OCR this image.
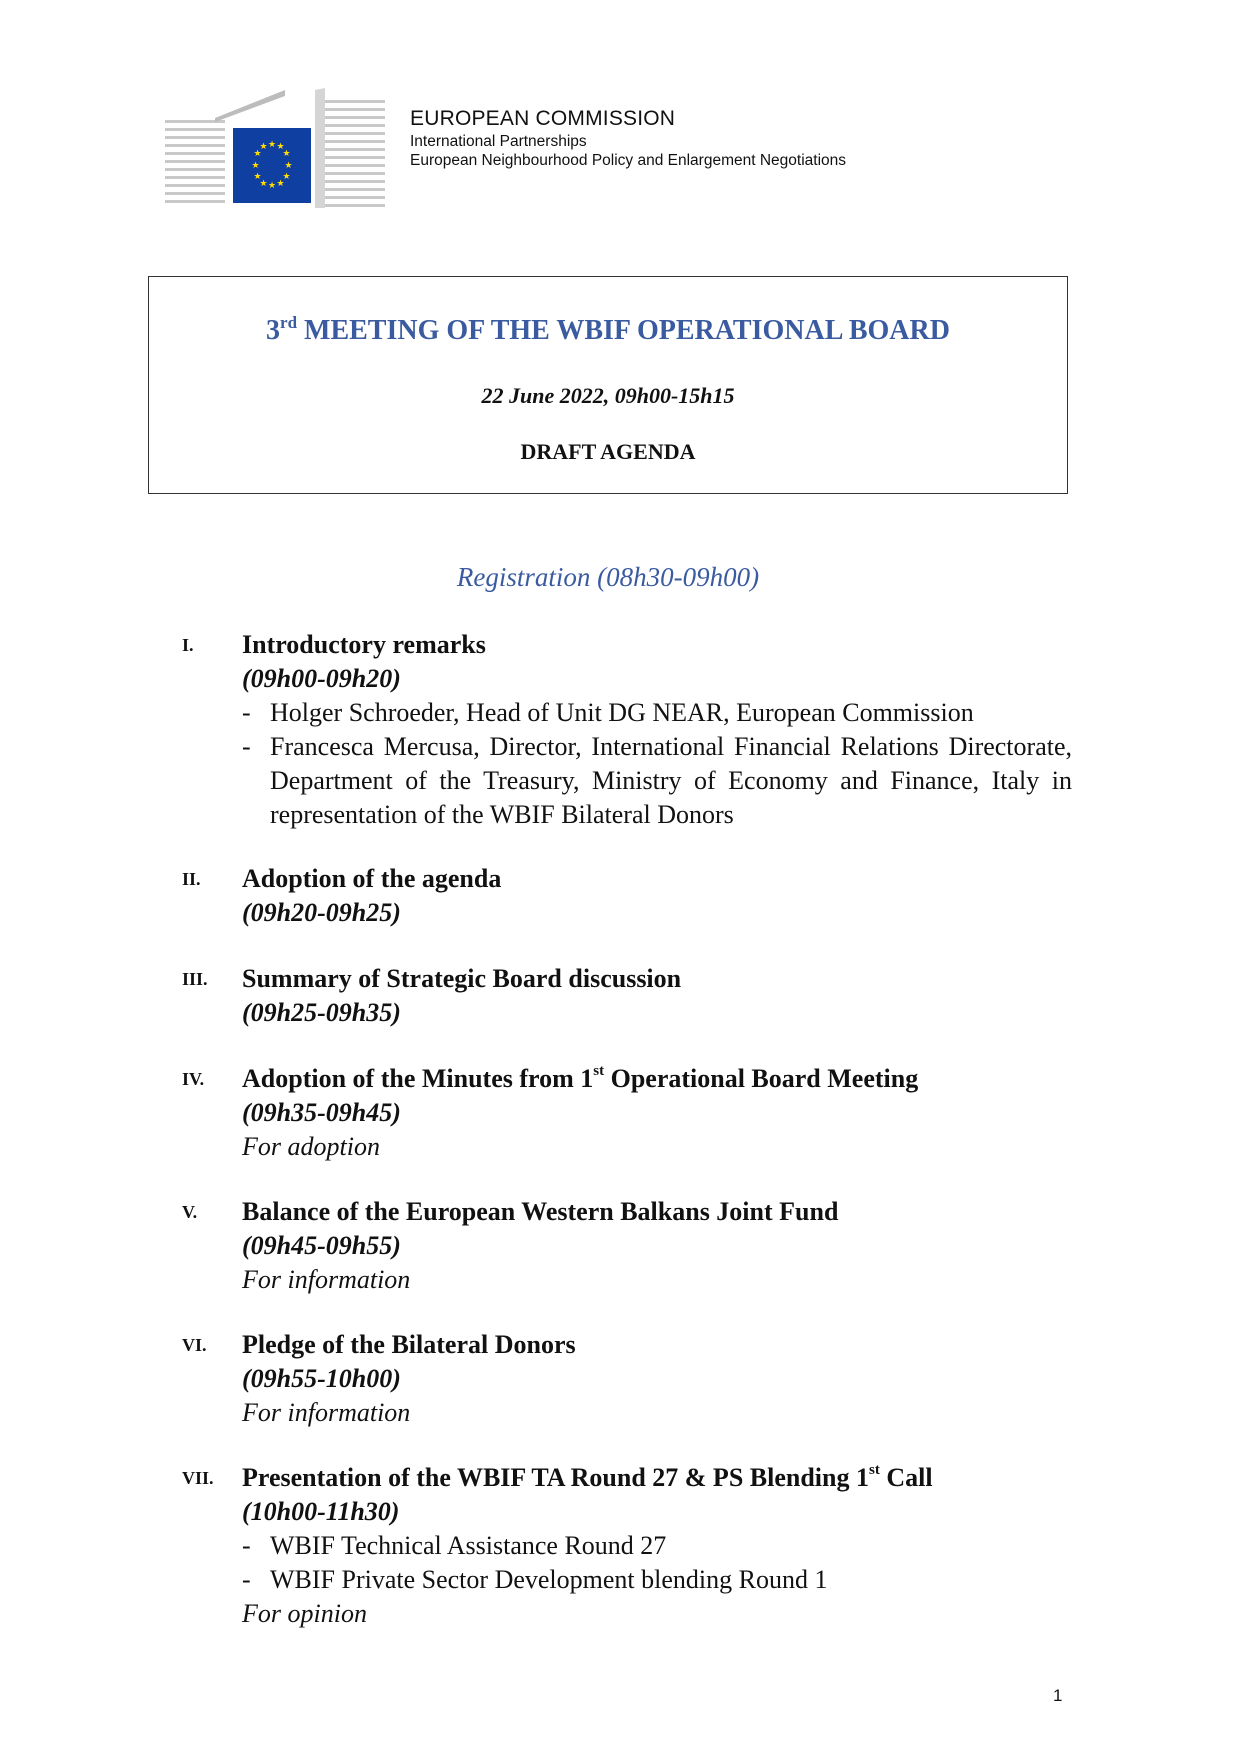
★ ★
★
★
★
★
★
★
★
★
★
★
EUROPEAN COMMISSION
International Partnerships
European Neighbourhood Policy and Enlargement Negotiations
3rd MEETING OF THE WBIF OPERATIONAL BOARD
22 June 2022, 09h00-15h15
DRAFT AGENDA
Registration (08h30-09h00)
I. Introductory remarks
(09h00-09h20)
- Holger Schroeder, Head of Unit DG NEAR, European Commission
- Francesca Mercusa, Director, International Financial Relations Directorate, Department of the Treasury, Ministry of Economy and Finance, Italy in representation of the WBIF Bilateral Donors
II. Adoption of the agenda
(09h20-09h25)
III. Summary of Strategic Board discussion
(09h25-09h35)
IV. Adoption of the Minutes from 1st Operational Board Meeting
(09h35-09h45)
For adoption
V. Balance of the European Western Balkans Joint Fund
(09h45-09h55)
For information
VI. Pledge of the Bilateral Donors
(09h55-10h00)
For information
VII. Presentation of the WBIF TA Round 27 & PS Blending 1st Call
(10h00-11h30)
- WBIF Technical Assistance Round 27
- WBIF Private Sector Development blending Round 1
For opinion
1
